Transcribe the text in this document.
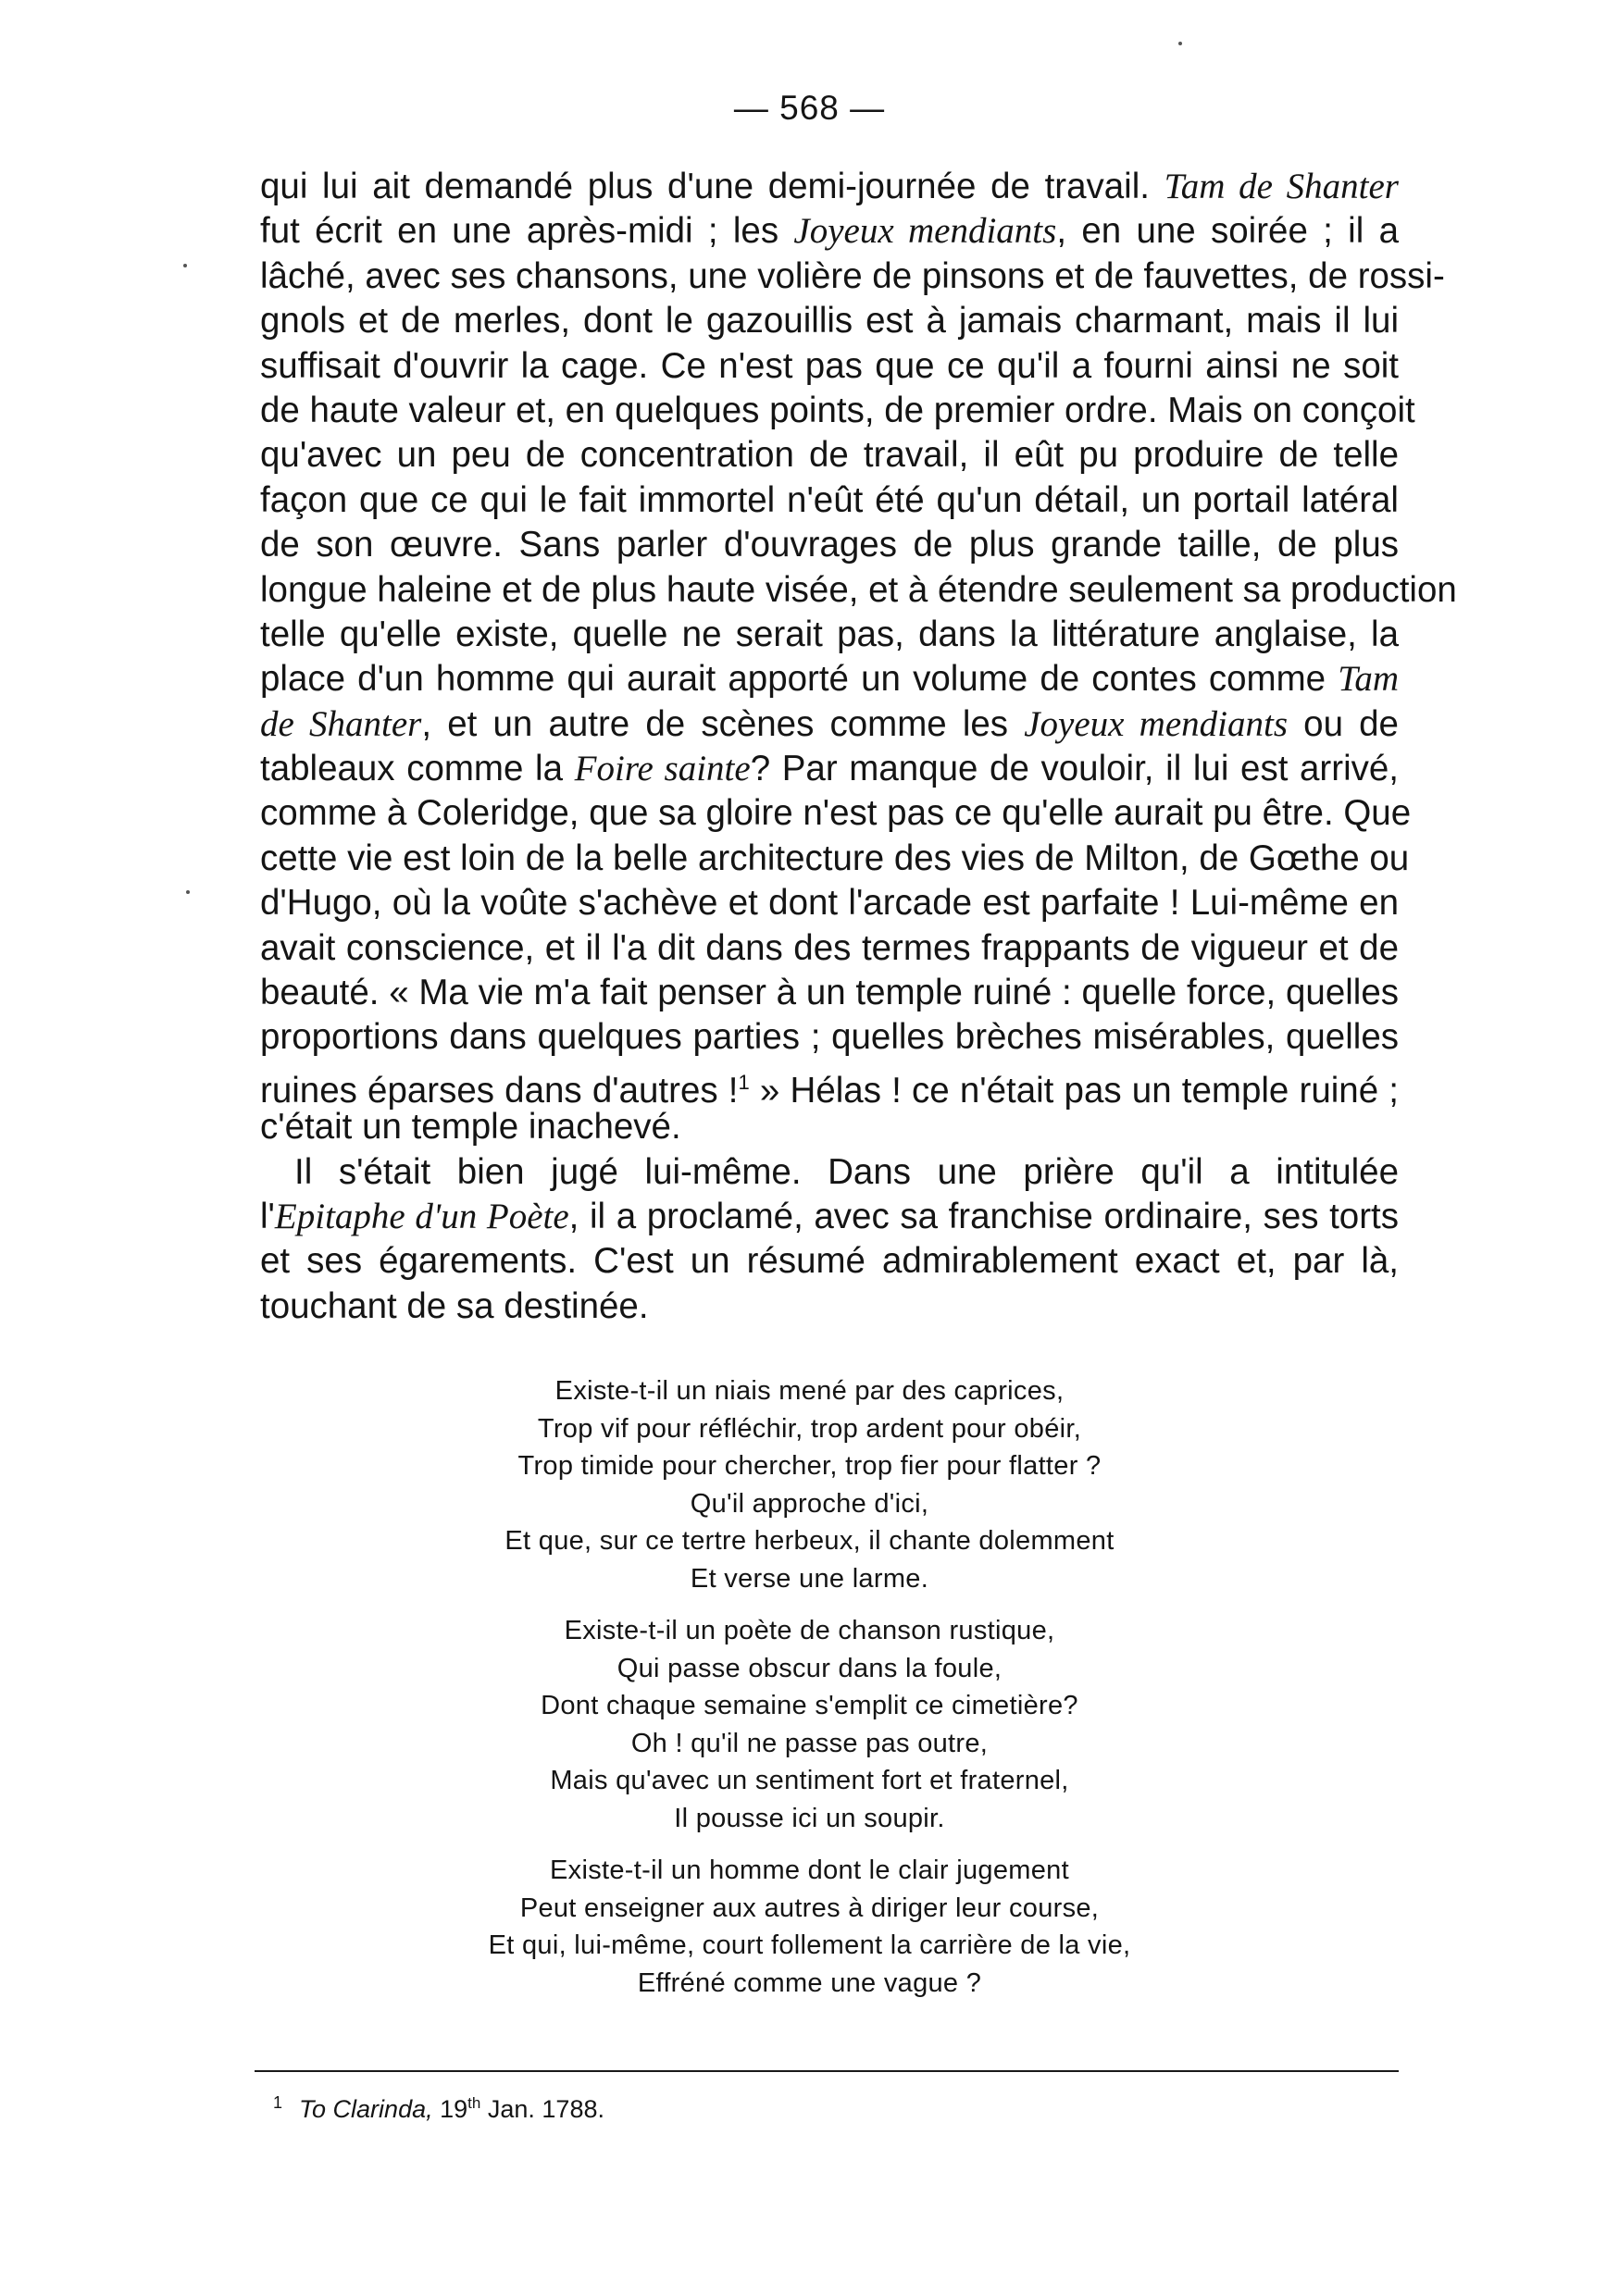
— 568 —
qui lui ait demandé plus d'une demi-journée de travail. Tam de Shanter
fut écrit en une après-midi ; les Joyeux mendiants, en une soirée ; il a
lâché, avec ses chansons, une volière de pinsons et de fauvettes, de rossi-
gnols et de merles, dont le gazouillis est à jamais charmant, mais il lui
suffisait d'ouvrir la cage. Ce n'est pas que ce qu'il a fourni ainsi ne soit
de haute valeur et, en quelques points, de premier ordre. Mais on conçoit
qu'avec un peu de concentration de travail, il eût pu produire de telle
façon que ce qui le fait immortel n'eût été qu'un détail, un portail latéral
de son œuvre. Sans parler d'ouvrages de plus grande taille, de plus
longue haleine et de plus haute visée, et à étendre seulement sa production
telle qu'elle existe, quelle ne serait pas, dans la littérature anglaise, la
place d'un homme qui aurait apporté un volume de contes comme Tam
de Shanter, et un autre de scènes comme les Joyeux mendiants ou de
tableaux comme la Foire sainte? Par manque de vouloir, il lui est arrivé,
comme à Coleridge, que sa gloire n'est pas ce qu'elle aurait pu être. Que
cette vie est loin de la belle architecture des vies de Milton, de Gœthe ou
d'Hugo, où la voûte s'achève et dont l'arcade est parfaite ! Lui-même en
avait conscience, et il l'a dit dans des termes frappants de vigueur et de
beauté. « Ma vie m'a fait penser à un temple ruiné : quelle force, quelles
proportions dans quelques parties ; quelles brèches misérables, quelles
ruines éparses dans d'autres !$^1$ » Hélas ! ce n'était pas un temple ruiné ;
c'était un temple inachevé.
Il s'était bien jugé lui-même. Dans une prière qu'il a intitulée
l'Epitaphe d'un Poète, il a proclamé, avec sa franchise ordinaire, ses torts
et ses égarements. C'est un résumé admirablement exact et, par là,
touchant de sa destinée.
Existe-t-il un niais mené par des caprices,
Trop vif pour réfléchir, trop ardent pour obéir,
Trop timide pour chercher, trop fier pour flatter ?
Qu'il approche d'ici,
Et que, sur ce tertre herbeux, il chante dolemment
Et verse une larme.
Existe-t-il un poète de chanson rustique,
Qui passe obscur dans la foule,
Dont chaque semaine s'emplit ce cimetière?
Oh ! qu'il ne passe pas outre,
Mais qu'avec un sentiment fort et fraternel,
Il pousse ici un soupir.
Existe-t-il un homme dont le clair jugement
Peut enseigner aux autres à diriger leur course,
Et qui, lui-même, court follement la carrière de la vie,
Effréné comme une vague ?
$^1$ To Clarinda, 19th Jan. 1788.
